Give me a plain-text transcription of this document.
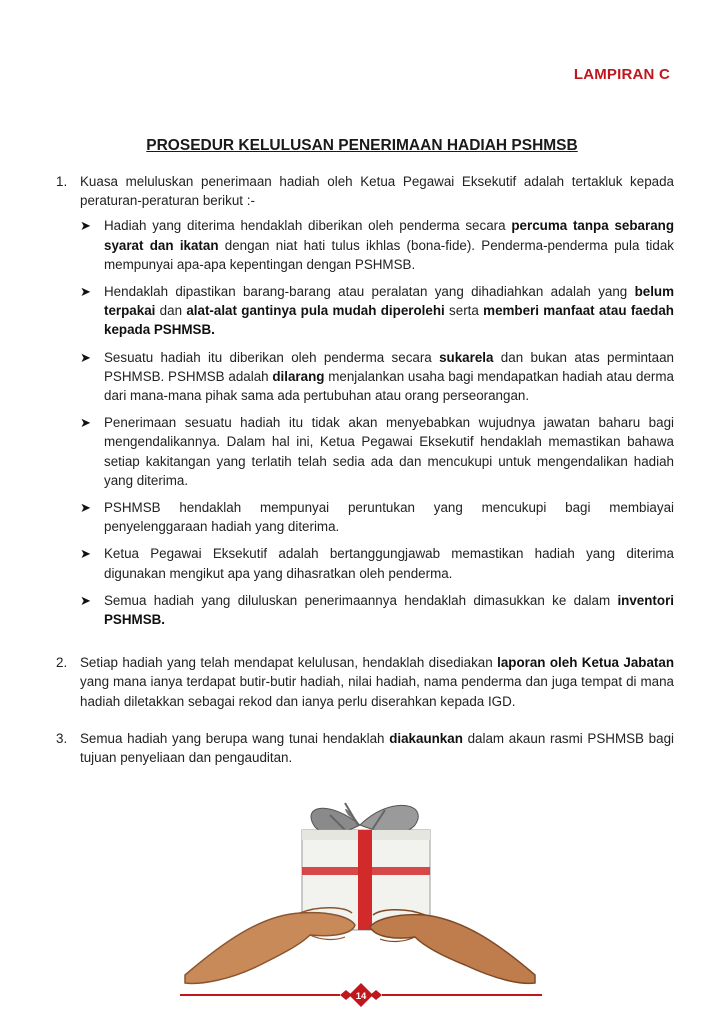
LAMPIRAN C
PROSEDUR KELULUSAN PENERIMAAN HADIAH PSHMSB
1. Kuasa meluluskan penerimaan hadiah oleh Ketua Pegawai Eksekutif adalah tertakluk kepada peraturan-peraturan berikut :-
➤ Hadiah yang diterima hendaklah diberikan oleh penderma secara percuma tanpa sebarang syarat dan ikatan dengan niat hati tulus ikhlas (bona-fide). Penderma-penderma pula tidak mempunyai apa-apa kepentingan dengan PSHMSB.
➤ Hendaklah dipastikan barang-barang atau peralatan yang dihadiahkan adalah yang belum terpakai dan alat-alat gantinya pula mudah diperolehi serta memberi manfaat atau faedah kepada PSHMSB.
➤ Sesuatu hadiah itu diberikan oleh penderma secara sukarela dan bukan atas permintaan PSHMSB. PSHMSB adalah dilarang menjalankan usaha bagi mendapatkan hadiah atau derma dari mana-mana pihak sama ada pertubuhan atau orang perseorangan.
➤ Penerimaan sesuatu hadiah itu tidak akan menyebabkan wujudnya jawatan baharu bagi mengendalikannya. Dalam hal ini, Ketua Pegawai Eksekutif hendaklah memastikan bahawa setiap kakitangan yang terlatih telah sedia ada dan mencukupi untuk mengendalikan hadiah yang diterima.
➤ PSHMSB hendaklah mempunyai peruntukan yang mencukupi bagi membiayai penyelenggaraan hadiah yang diterima.
➤ Ketua Pegawai Eksekutif adalah bertanggungjawab memastikan hadiah yang diterima digunakan mengikut apa yang dihasratkan oleh penderma.
➤ Semua hadiah yang diluluskan penerimaannya hendaklah dimasukkan ke dalam inventori PSHMSB.
2. Setiap hadiah yang telah mendapat kelulusan, hendaklah disediakan laporan oleh Ketua Jabatan yang mana ianya terdapat butir-butir hadiah, nilai hadiah, nama penderma dan juga tempat di mana hadiah diletakkan sebagai rekod dan ianya perlu diserahkan kepada IGD.
3. Semua hadiah yang berupa wang tunai hendaklah diakaunkan dalam akaun rasmi PSHMSB bagi tujuan penyeliaan dan pengauditan.
14
